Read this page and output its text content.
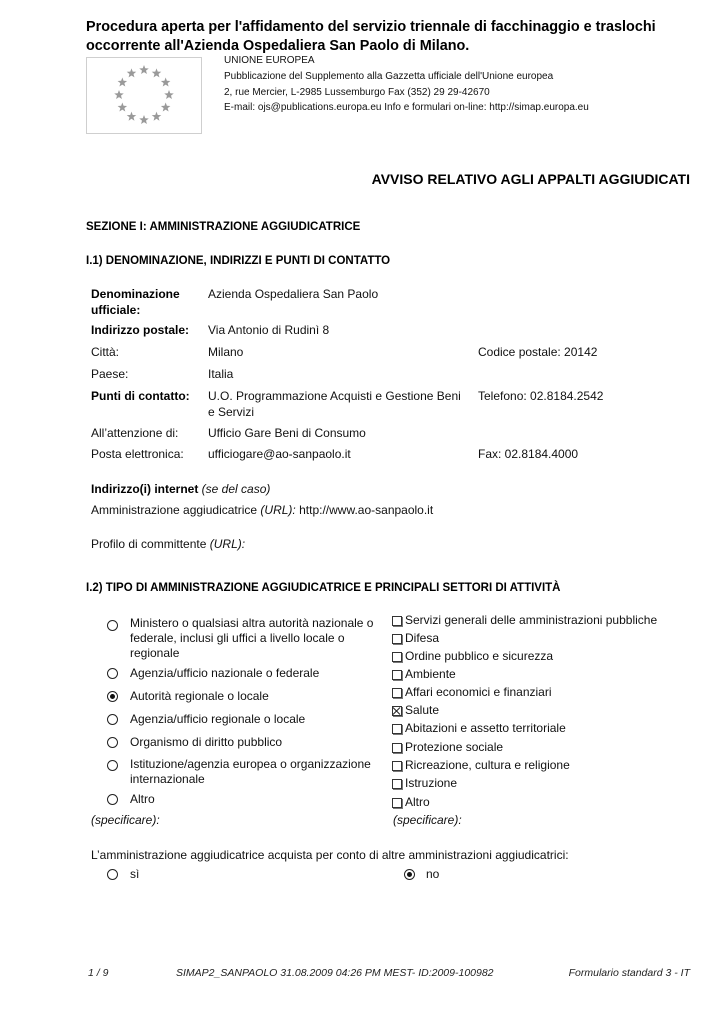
Procedura aperta per l'affidamento del servizio triennale di facchinaggio e traslochi occorrente all'Azienda Ospedaliera San Paolo di Milano.
UNIONE EUROPEA
Pubblicazione del Supplemento alla Gazzetta ufficiale dell'Unione europea
2, rue Mercier, L-2985 Lussemburgo Fax (352) 29 29-42670
E-mail: ojs@publications.europa.eu Info e formulari on-line: http://simap.europa.eu
AVVISO RELATIVO AGLI APPALTI AGGIUDICATI
SEZIONE I: AMMINISTRAZIONE AGGIUDICATRICE
I.1) DENOMINAZIONE, INDIRIZZI E PUNTI DI CONTATTO
Denominazione ufficiale:
Azienda Ospedaliera San Paolo
Indirizzo postale: Via Antonio di Rudinì 8
Città:	Milano	Codice postale: 20142
Paese:	Italia
Punti di contatto: U.O. Programmazione Acquisti e Gestione Beni e Servizi
Telefono: 02.8184.2542
All’attenzione di: Ufficio Gare Beni di Consumo
Posta elettronica: ufficiogare@ao-sanpaolo.it	Fax: 02.8184.4000
Indirizzo(i) internet (se del caso)
Amministrazione aggiudicatrice (URL): http://www.ao-sanpaolo.it
Profilo di committente (URL):
I.2) TIPO DI AMMINISTRAZIONE AGGIUDICATRICE E PRINCIPALI SETTORI DI ATTIVITÀ
Ministero o qualsiasi altra autorità nazionale o federale, inclusi gli uffici a livello locale o regionale
Agenzia/ufficio nazionale o federale
Autorità regionale o locale
Agenzia/ufficio regionale o locale
Organismo di diritto pubblico
Istituzione/agenzia europea o organizzazione internazionale
Altro
(specificare):
Servizi generali delle amministrazioni pubbliche
Difesa
Ordine pubblico e sicurezza
Ambiente
Affari economici e finanziari
Salute
Abitazioni e assetto territoriale
Protezione sociale
Ricreazione, cultura e religione
Istruzione
Altro
(specificare):
L’amministrazione aggiudicatrice acquista per conto di altre amministrazioni aggiudicatrici:
sì	no
1 / 9	SIMAP2_SANPAOLO 31.08.2009 04:26 PM MEST- ID:2009-100982	Formulario standard 3 - IT
